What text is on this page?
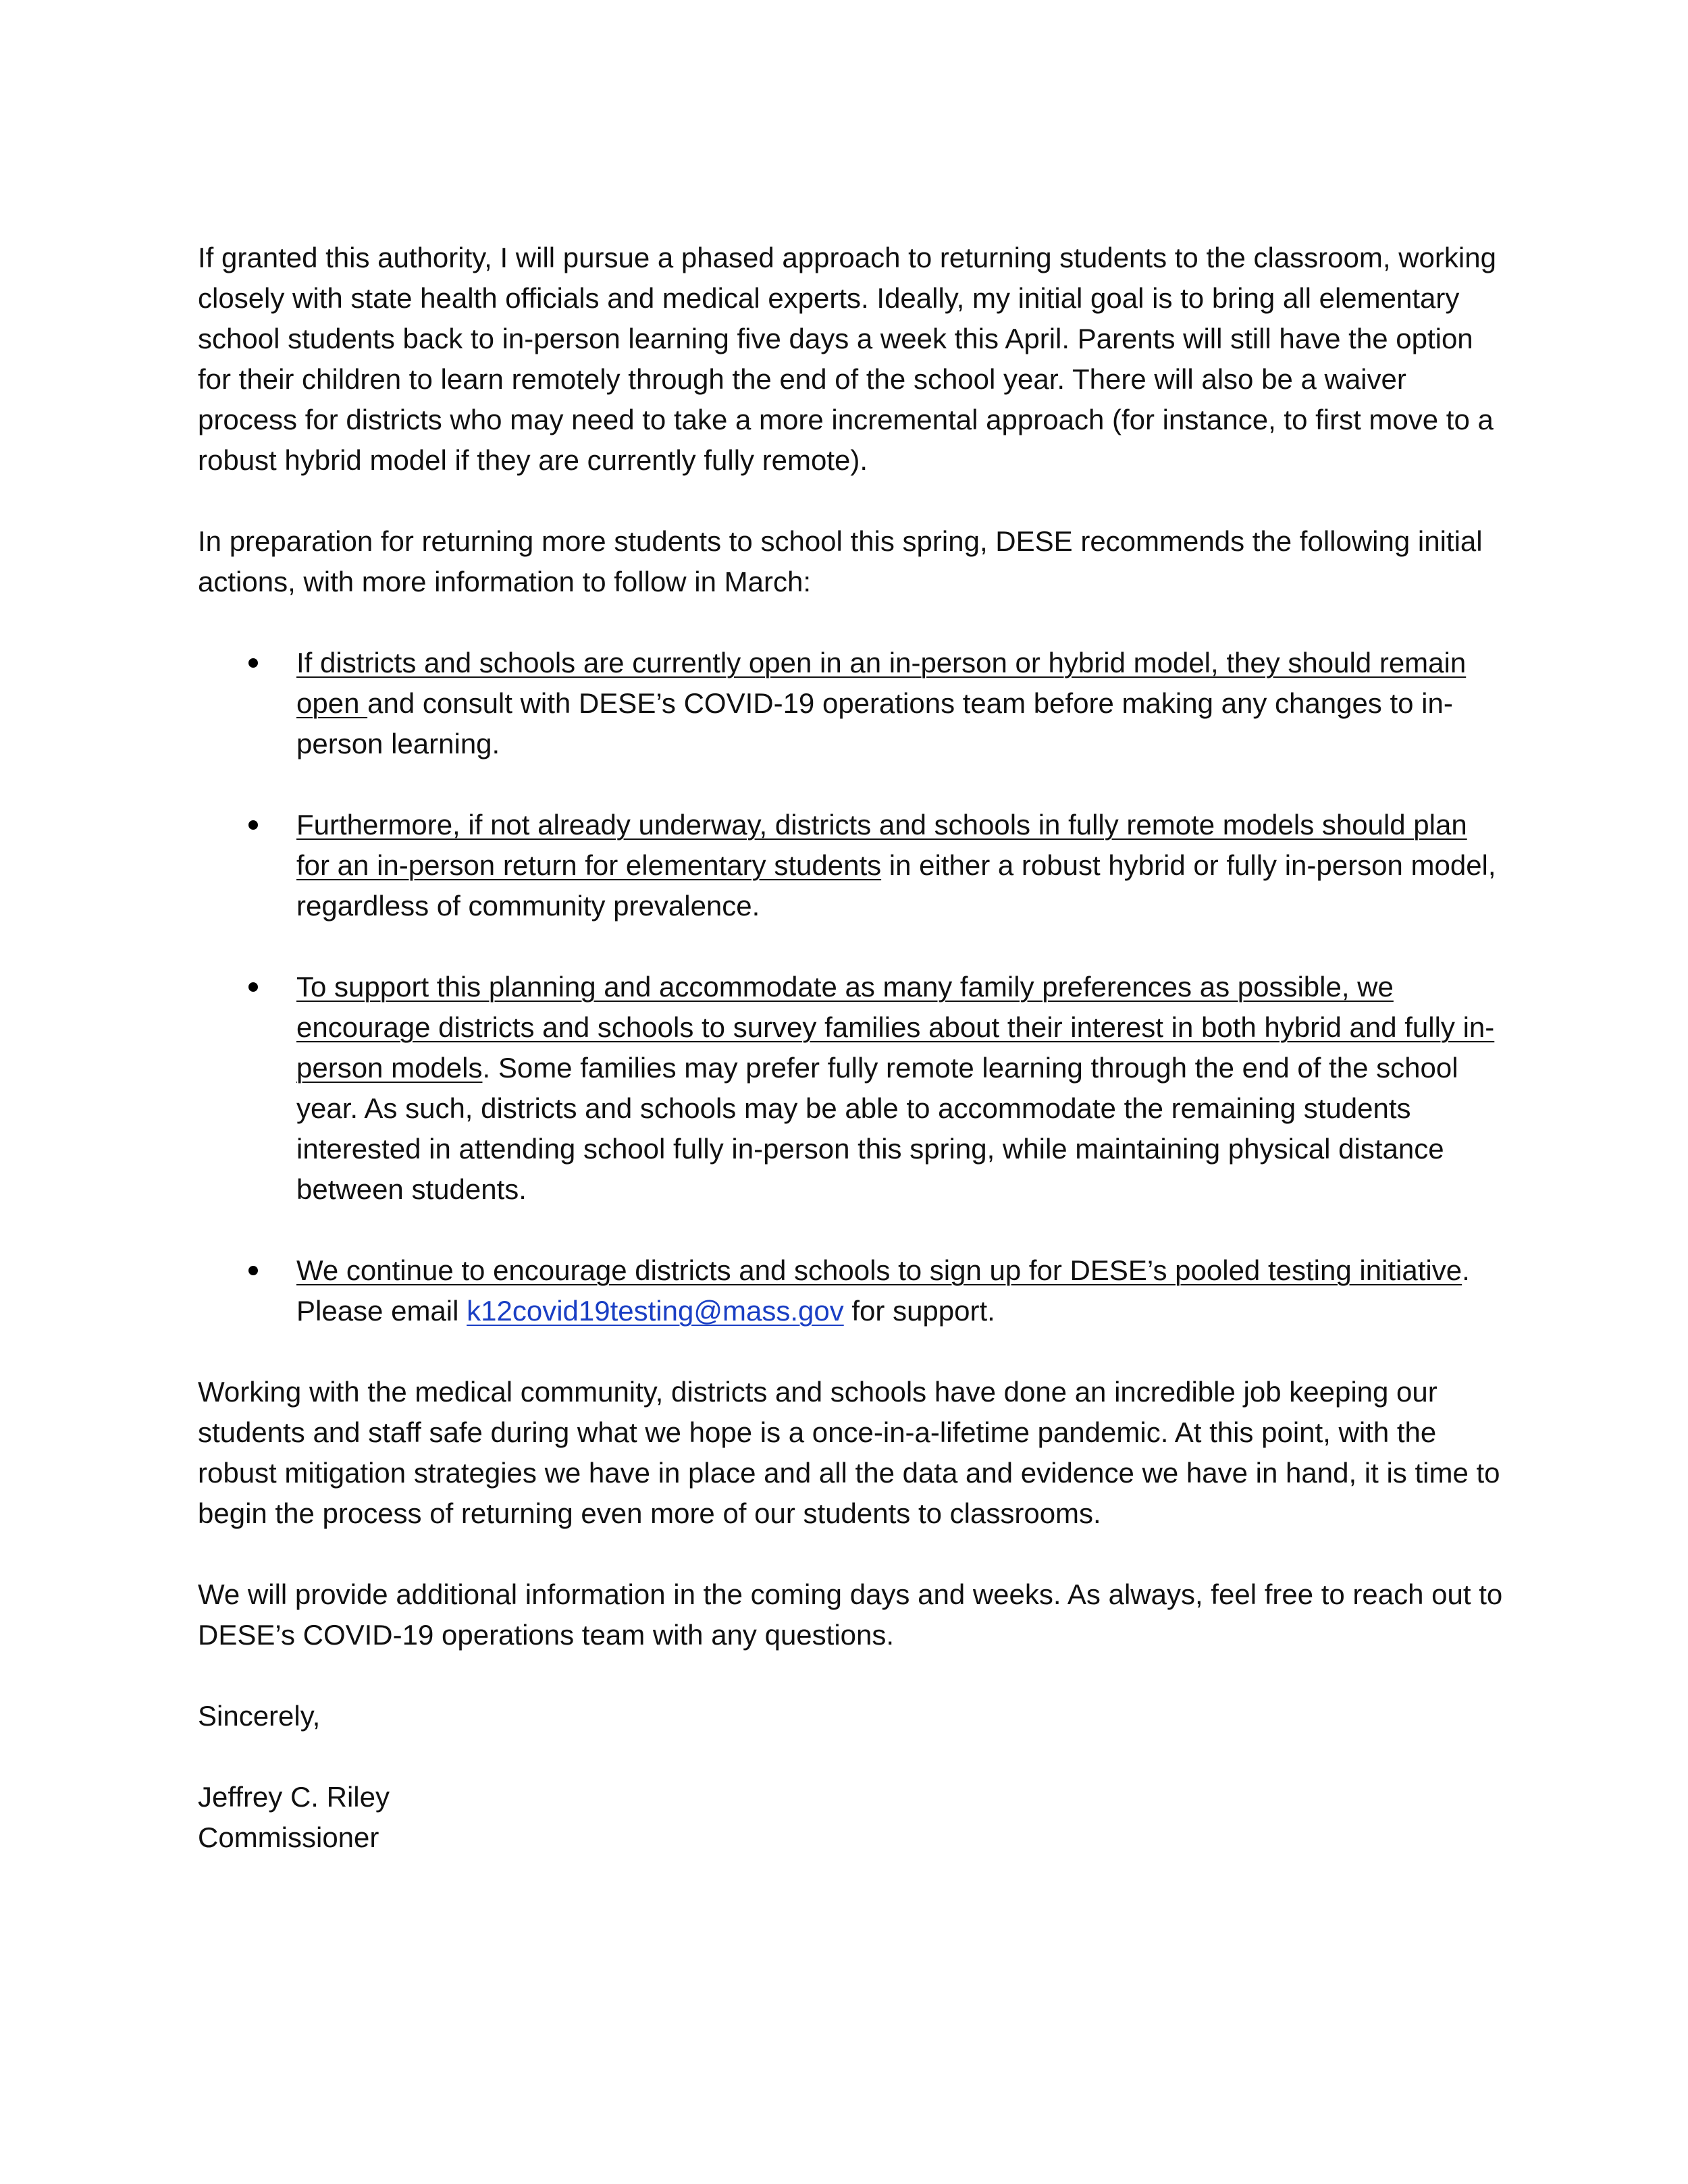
If granted this authority, I will pursue a phased approach to returning students to the classroom, working closely with state health officials and medical experts. Ideally, my initial goal is to bring all elementary school students back to in-person learning five days a week this April. Parents will still have the option for their children to learn remotely through the end of the school year. There will also be a waiver process for districts who may need to take a more incremental approach (for instance, to first move to a robust hybrid model if they are currently fully remote).

In preparation for returning more students to school this spring, DESE recommends the following initial actions, with more information to follow in March:

If districts and schools are currently open in an in-person or hybrid model, they should remain open and consult with DESE’s COVID-19 operations team before making any changes to in-person learning.
Furthermore, if not already underway, districts and schools in fully remote models should plan for an in-person return for elementary students in either a robust hybrid or fully in-person model, regardless of community prevalence.
To support this planning and accommodate as many family preferences as possible, we encourage districts and schools to survey families about their interest in both hybrid and fully in-person models. Some families may prefer fully remote learning through the end of the school year. As such, districts and schools may be able to accommodate the remaining students interested in attending school fully in-person this spring, while maintaining physical distance between students.
We continue to encourage districts and schools to sign up for DESE’s pooled testing initiative. Please email k12covid19testing@mass.gov for support.

Working with the medical community, districts and schools have done an incredible job keeping our students and staff safe during what we hope is a once-in-a-lifetime pandemic. At this point, with the robust mitigation strategies we have in place and all the data and evidence we have in hand, it is time to begin the process of returning even more of our students to classrooms.

We will provide additional information in the coming days and weeks. As always, feel free to reach out to DESE’s COVID-19 operations team with any questions.

Sincerely,

Jeffrey C. Riley
Commissioner
